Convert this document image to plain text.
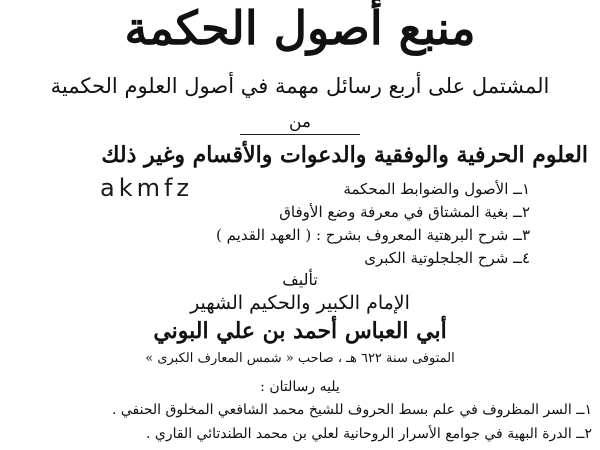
منبع أصول الحكمة
المشتمل على أربع رسائل مهمة في أصول العلوم الحكمية
من
العلوم الحرفية والوفقية والدعوات والأقسام وغير ذلك
akmfz	١ــ الأصول والضوابط المحكمة
٢ــ بغية المشتاق في معرفة وضع الأوفاق
٣ــ شرح البرهتية المعروف بشرح : ( العهد القديم )
٤ــ شرح الجلجلوتية الكبرى
تأليف
الإمام الكبير والحكيم الشهير
أبي العباس أحمد بن علي البوني
المتوفى سنة ٦٢٢ هـ ، صاحب « شمس المعارف الكبرى »
يليه رسالتان :
١ــ السر المظروف في علم بسط الحروف للشيخ محمد الشافعي المخلوق الحنفي .
٢ــ الدرة البهية في جوامع الأسرار الروحانية لعلي بن محمد الطندتائي القاري .
